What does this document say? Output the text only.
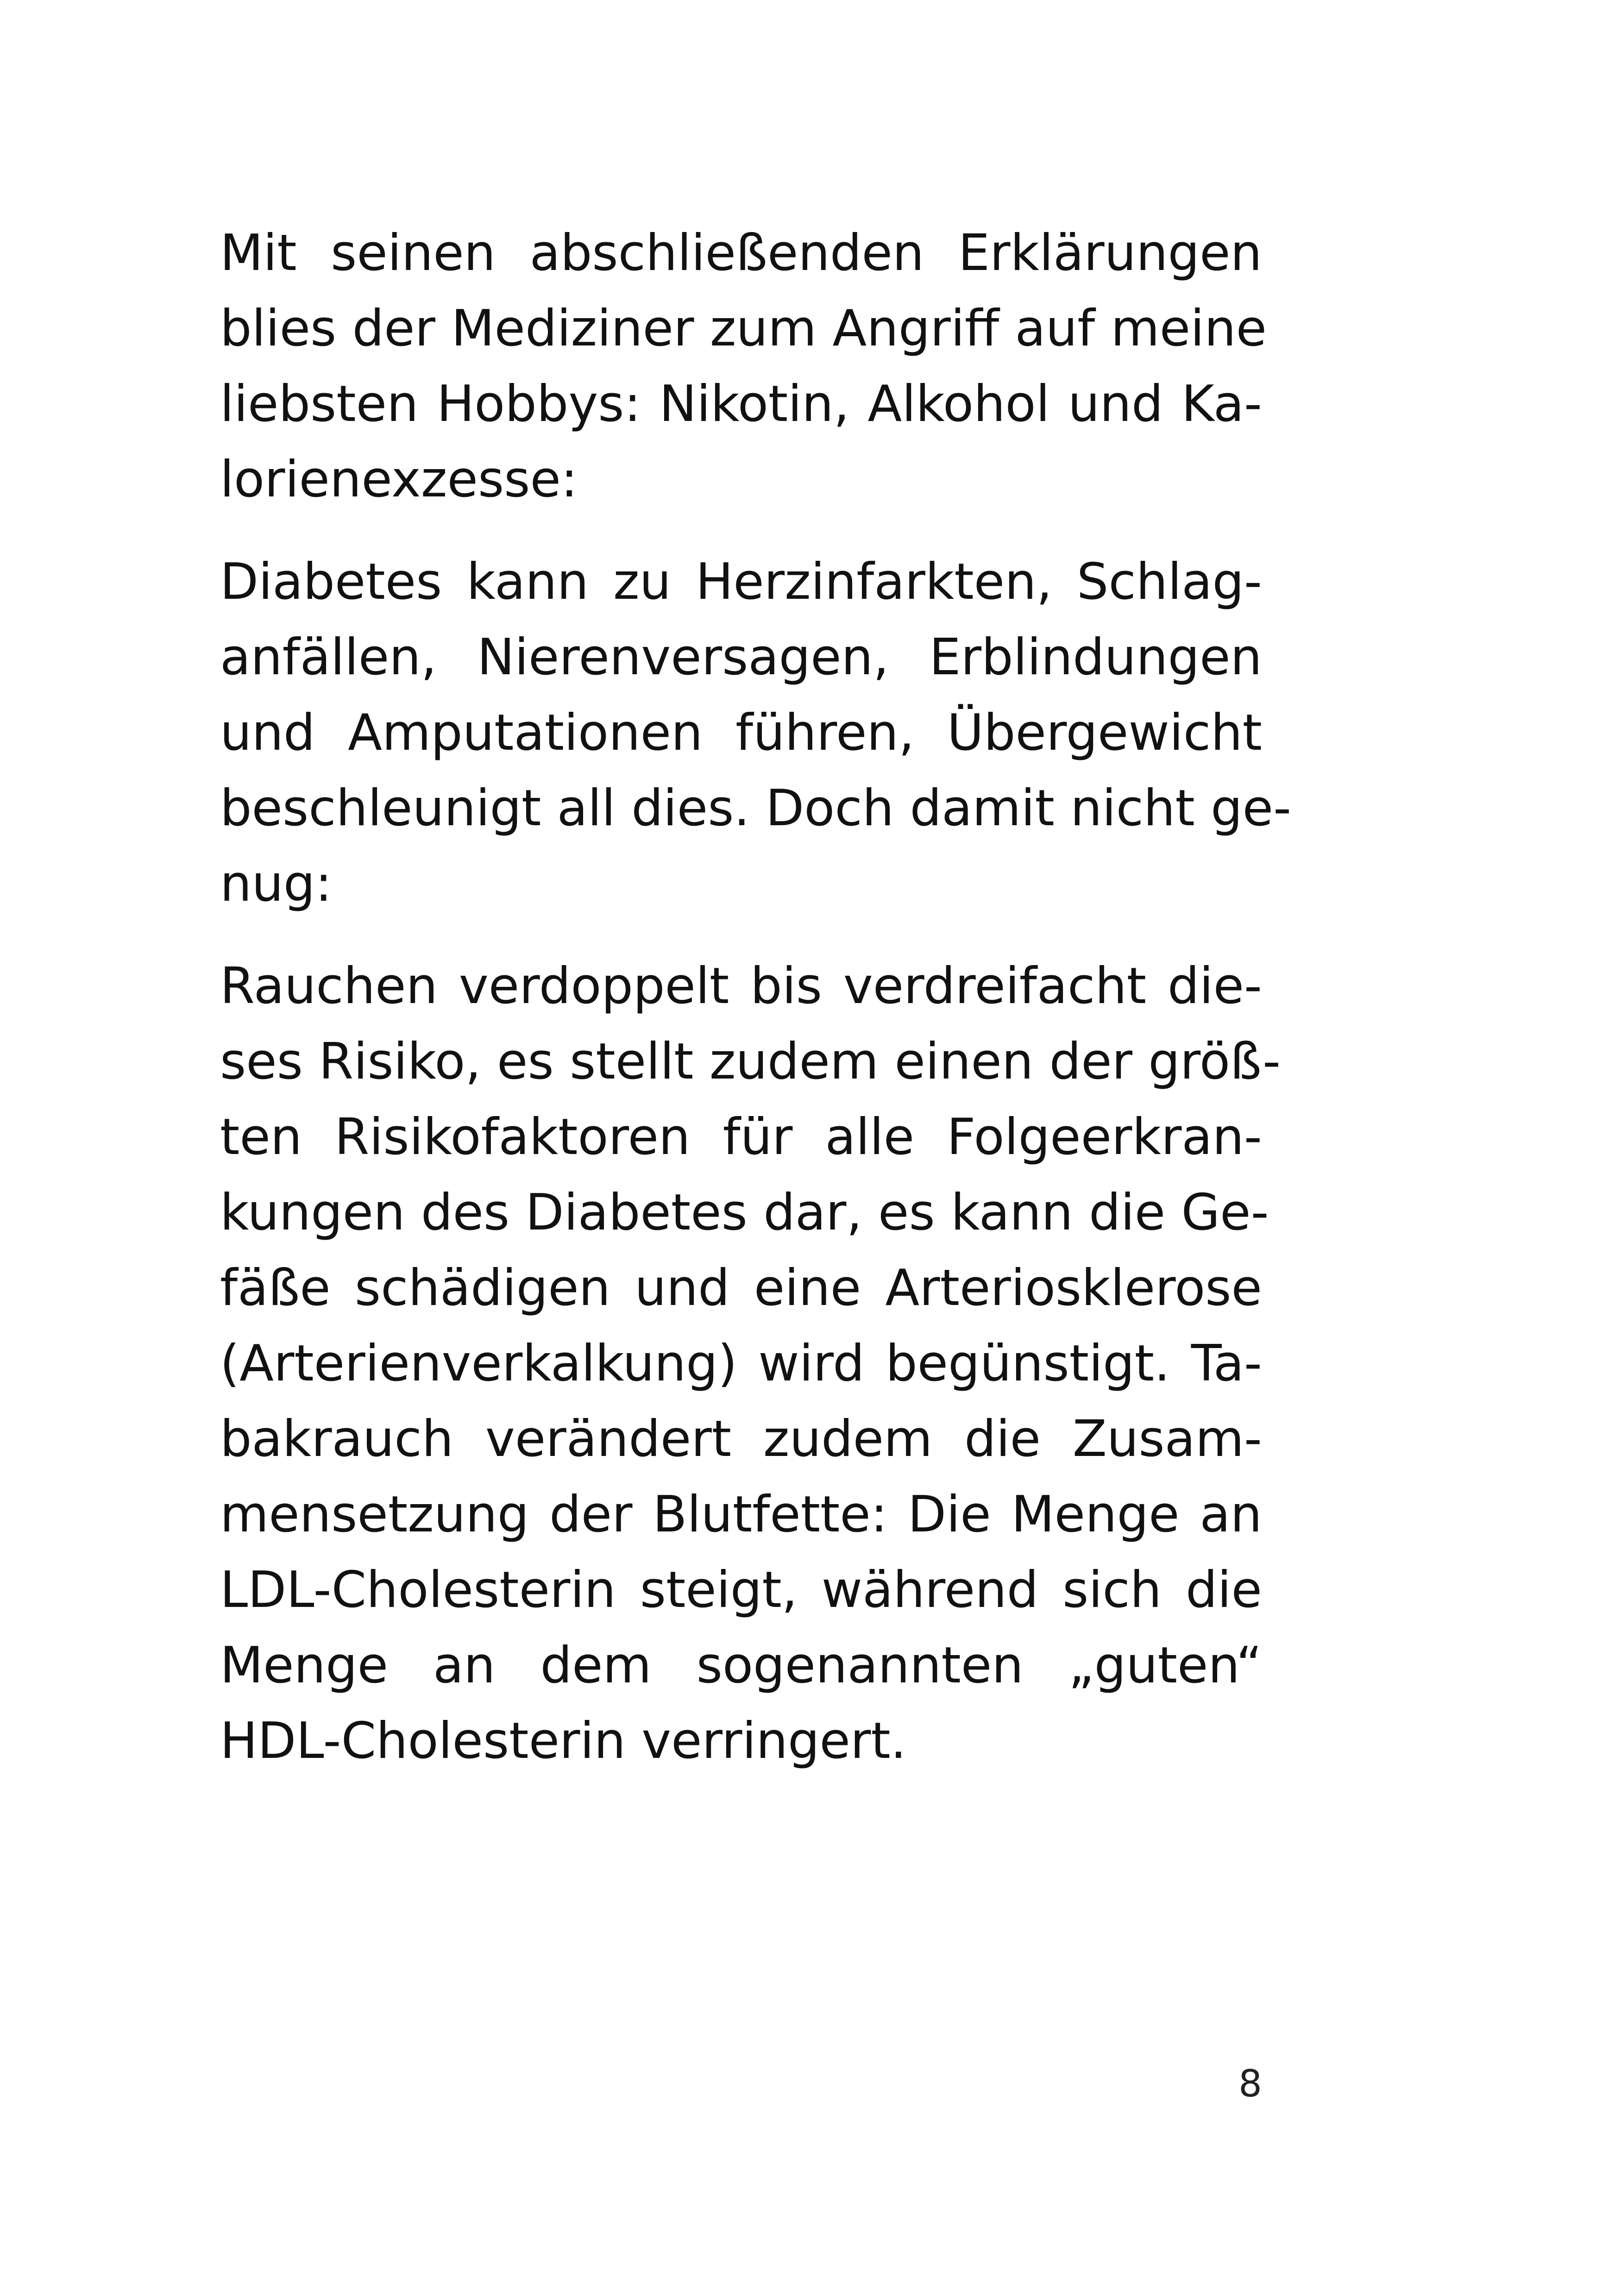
Mit seinen abschließenden Erklärungen
blies der Mediziner zum Angriff auf meine
liebsten Hobbys: Nikotin, Alkohol und Ka-
lorienexzesse:

Diabetes kann zu Herzinfarkten, Schlag-
anfällen, Nierenversagen, Erblindungen
und Amputationen führen, Übergewicht
beschleunigt all dies. Doch damit nicht ge-
nug:

Rauchen verdoppelt bis verdreifacht die-
ses Risiko, es stellt zudem einen der größ-
ten Risikofaktoren für alle Folgeerkran-
kungen des Diabetes dar, es kann die Ge-
fäße schädigen und eine Arteriosklerose
(Arterienverkalkung) wird begünstigt. Ta-
bakrauch verändert zudem die Zusam-
mensetzung der Blutfette: Die Menge an
LDL-Cholesterin steigt, während sich die
Menge an dem sogenannten „guten“
HDL-Cholesterin verringert.

8
